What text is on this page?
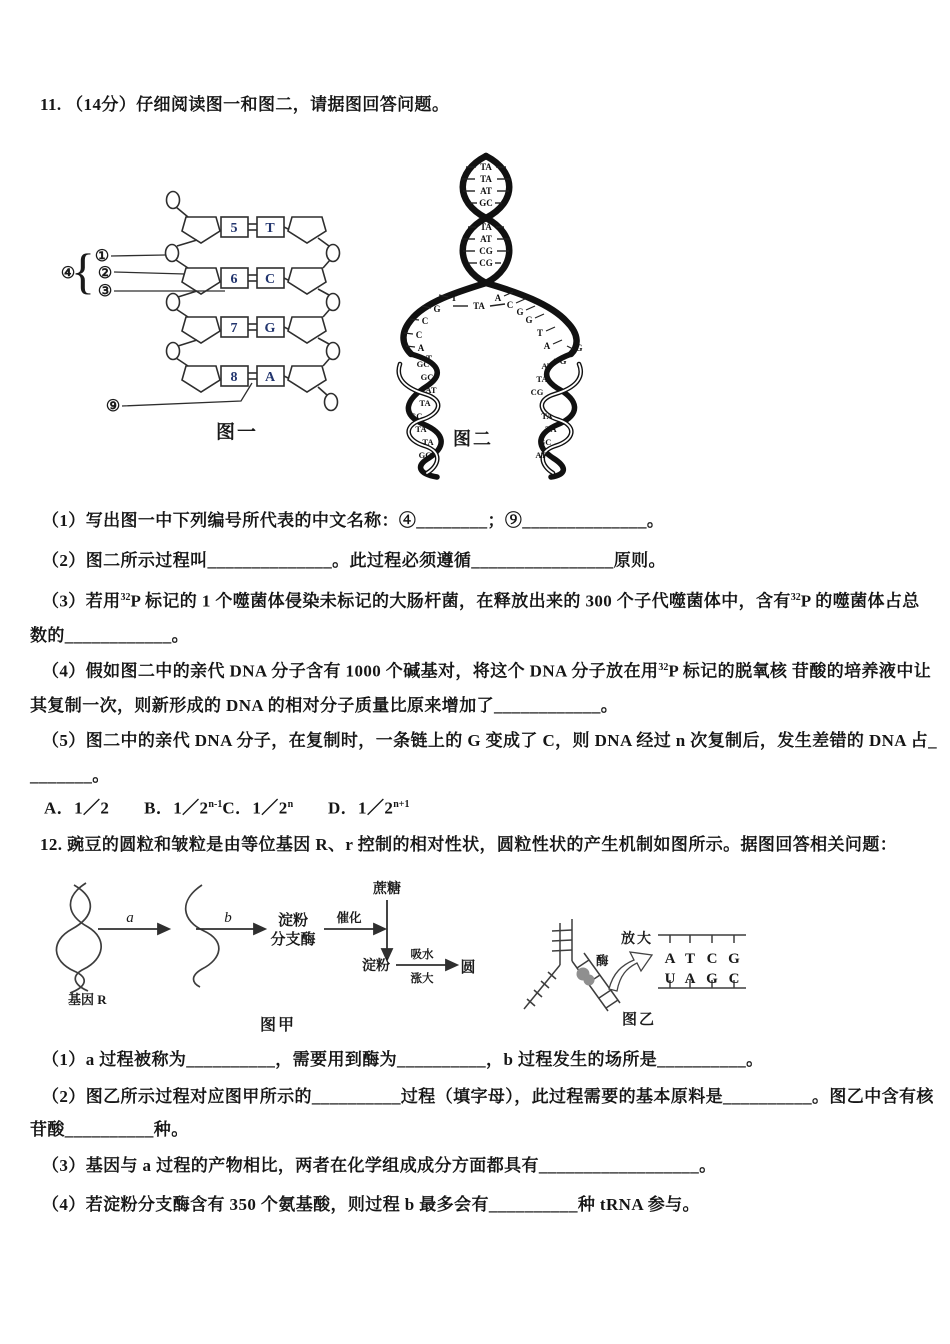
11. （14分）仔细阅读图一和图二，请据图回答问题。
（1）写出图一中下列编号所代表的中文名称：④________；⑨______________。
（2）图二所示过程叫______________。此过程必须遵循________________原则。
（3）若用$^{32}$P 标记的 1 个噬菌体侵染未标记的大肠杆菌，在释放出来的 300 个子代噬菌体中，含有$^{32}$P 的噬菌体占总
数的____________。
（4）假如图二中的亲代 DNA 分子含有 1000 个碱基对，将这个 DNA 分子放在用$^{32}$P 标记的脱氧核 苷酸的培养液中让
其复制一次，则新形成的 DNA 的相对分子质量比原来增加了____________。
（5）图二中的亲代 DNA 分子，在复制时，一条链上的 G 变成了 C，则 DNA 经过 n 次复制后，发生差错的 DNA 占_
_______。
A．1／2　　B．1／2$^{n-1}$C．1／2$^n$　　D．$1/2^{n+1}$
12. 豌豆的圆粒和皱粒是由等位基因 R、r 控制的相对性状，圆粒性状的产生机制如图所示。据图回答相关问题：
（1）a 过程被称为__________，需要用到酶为__________，b 过程发生的场所是__________。
（2）图乙所示过程对应图甲所示的__________过程（填字母），此过程需要的基本原料是__________。图乙中含有核
苷酸__________种。
（3）基因与 a 过程的产物相比，两者在化学组成成分方面都具有__________________。
（4）若淀粉分支酶含有 350 个氨基酸，则过程 b 最多会有__________种 tRNA 参与。
5
6
7
8
T
C
G
A
①
②
③
④
⑨
{
图一
TA
TA
AT
GC
TA
AT
CG
CG
TA
T
G
C
C
A
T
A
C
G
G
T
A	G
G
GC
GC
AT
TA
GC
TA
TA
GC
AT
TA
CG
TA
TA
GC
AT
图二
a	b
基因 R
淀粉
分支酶
催化
蔗糖
淀粉
吸水
涨大
圆
图甲
酶
放大
A T C G
U A G C
图乙
